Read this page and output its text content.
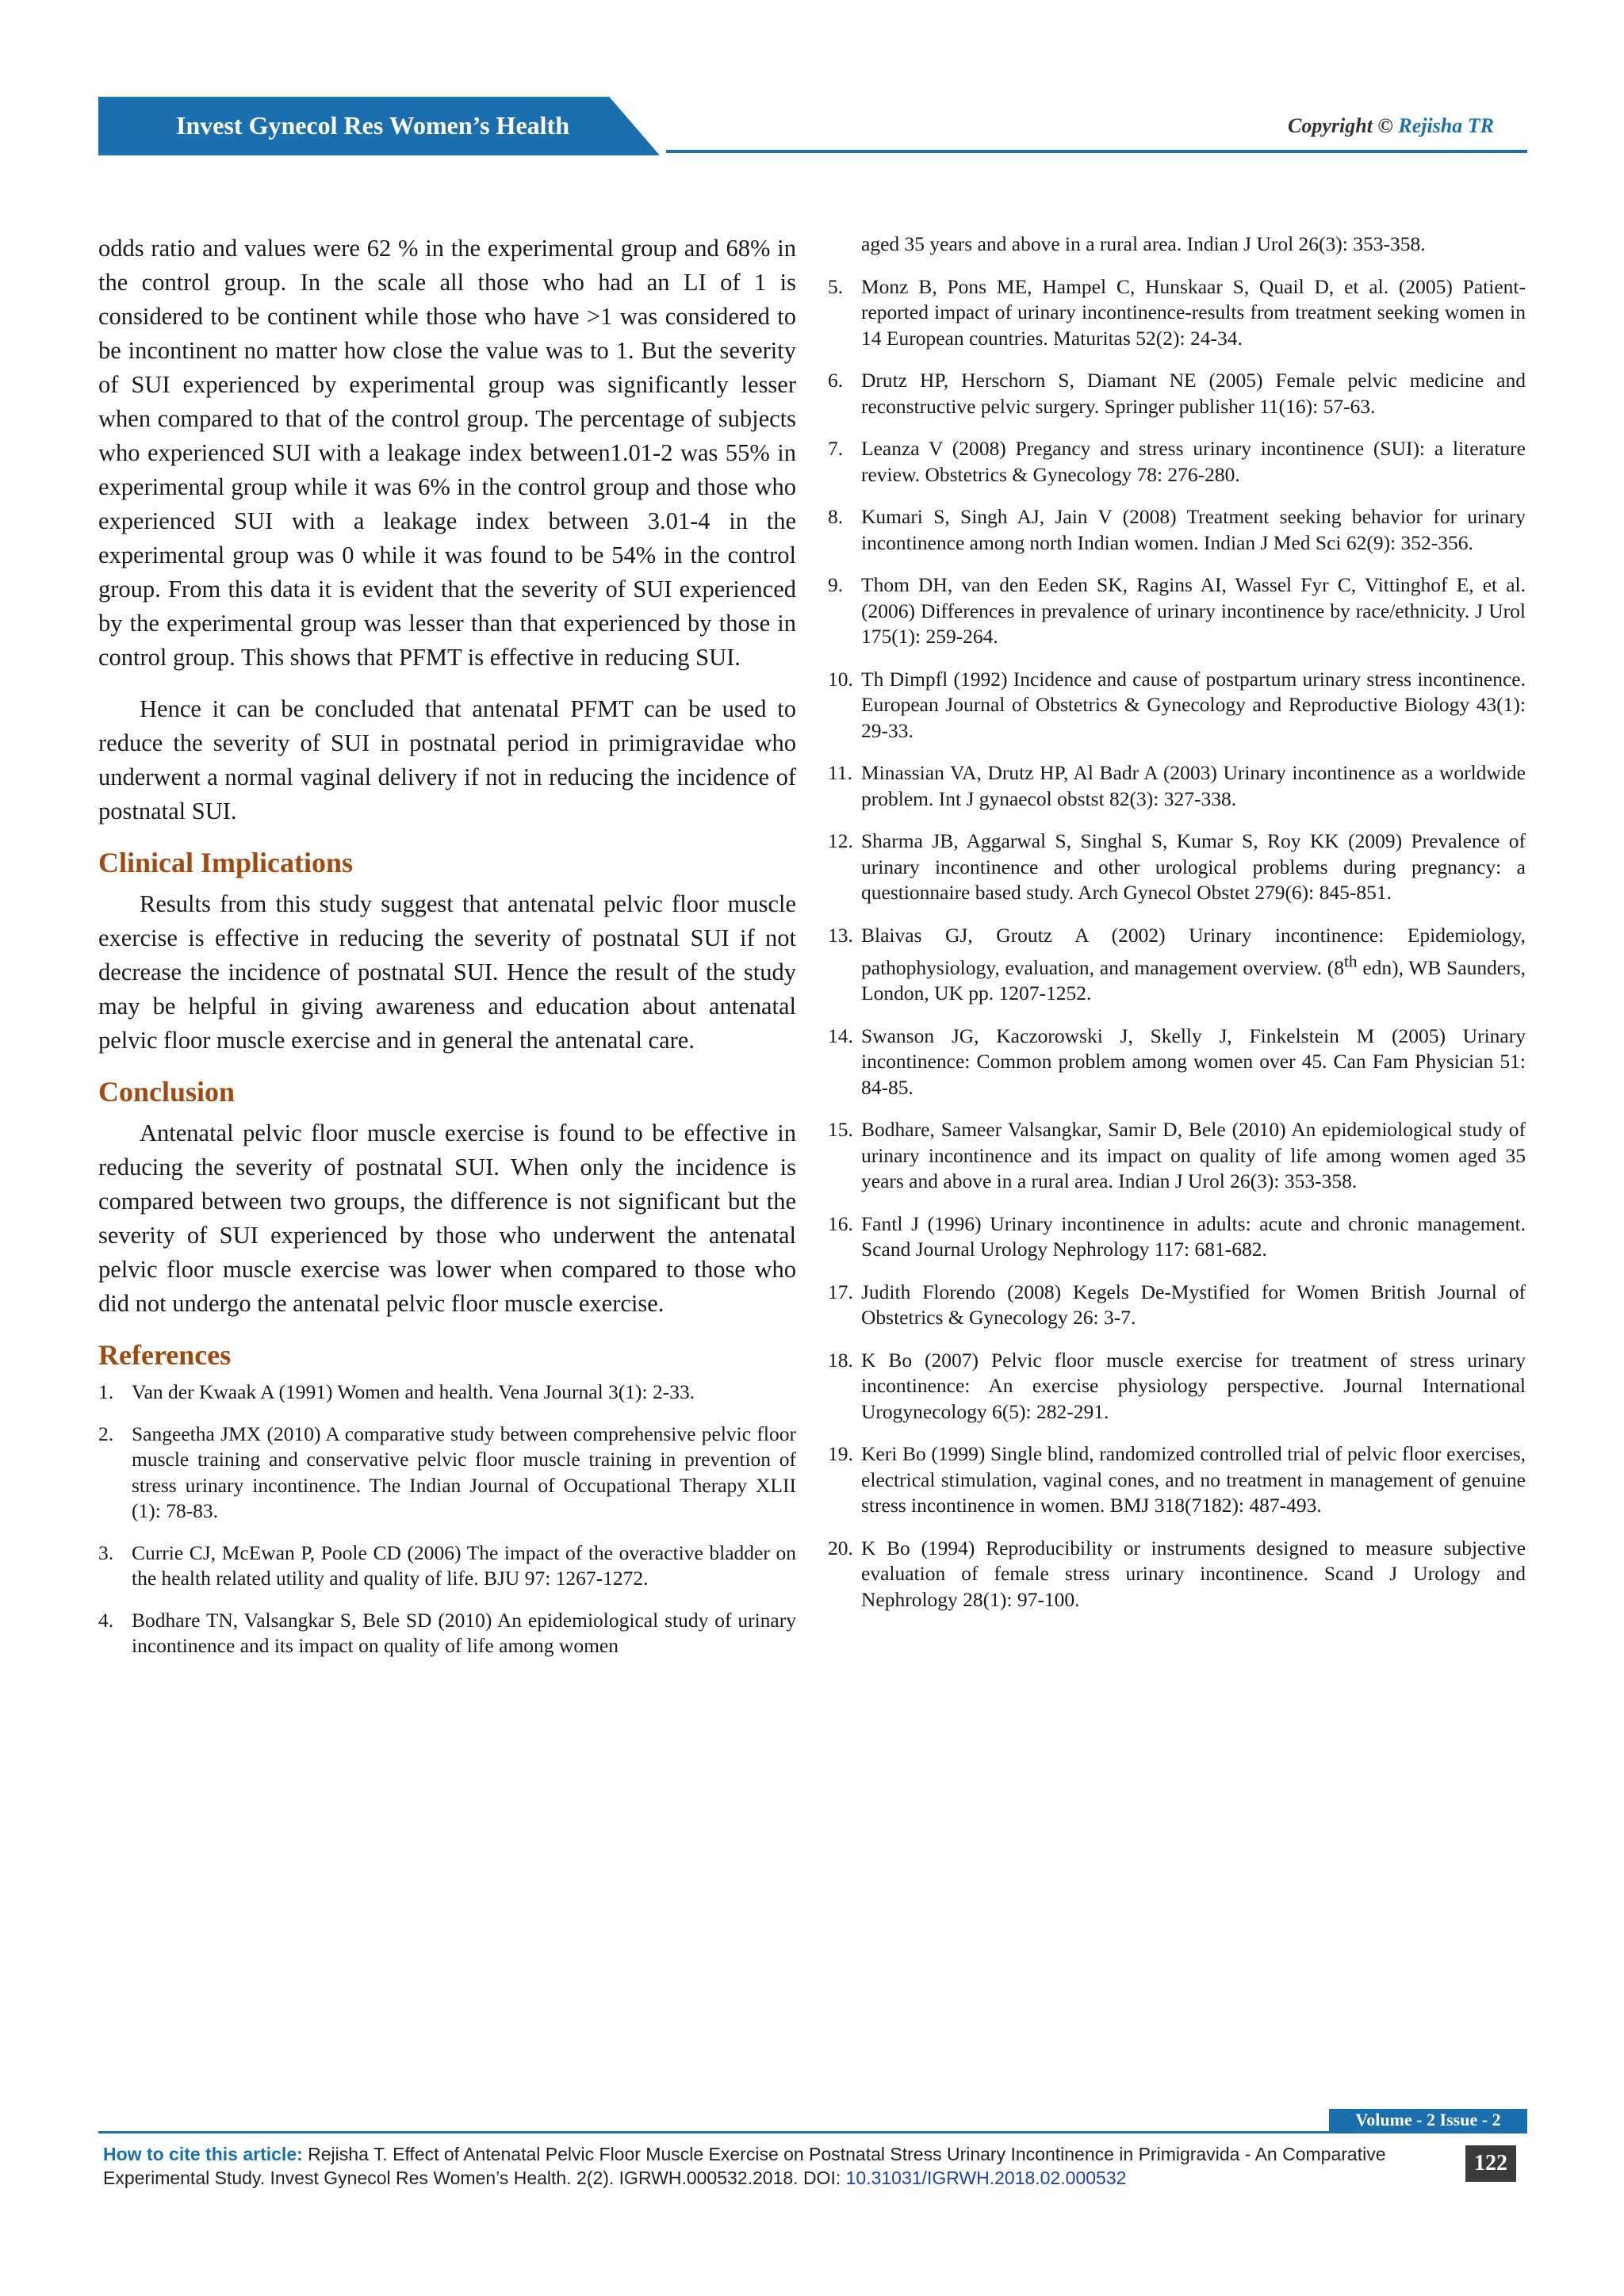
Invest Gynecol Res Women’s Health	Copyright © Rejisha TR

odds ratio and values were 62 % in the experimental group and 68% in the control group. In the scale all those who had an LI of 1 is considered to be continent while those who have >1 was considered to be incontinent no matter how close the value was to 1. But the severity of SUI experienced by experimental group was significantly lesser when compared to that of the control group. The percentage of subjects who experienced SUI with a leakage index between1.01-2 was 55% in experimental group while it was 6% in the control group and those who experienced SUI with a leakage index between 3.01-4 in the experimental group was 0 while it was found to be 54% in the control group. From this data it is evident that the severity of SUI experienced by the experimental group was lesser than that experienced by those in control group. This shows that PFMT is effective in reducing SUI.

Hence it can be concluded that antenatal PFMT can be used to reduce the severity of SUI in postnatal period in primigravidae who underwent a normal vaginal delivery if not in reducing the incidence of postnatal SUI.

Clinical Implications

Results from this study suggest that antenatal pelvic floor muscle exercise is effective in reducing the severity of postnatal SUI if not decrease the incidence of postnatal SUI. Hence the result of the study may be helpful in giving awareness and education about antenatal pelvic floor muscle exercise and in general the antenatal care.

Conclusion

Antenatal pelvic floor muscle exercise is found to be effective in reducing the severity of postnatal SUI. When only the incidence is compared between two groups, the difference is not significant but the severity of SUI experienced by those who underwent the antenatal pelvic floor muscle exercise was lower when compared to those who did not undergo the antenatal pelvic floor muscle exercise.

References
1. Van der Kwaak A (1991) Women and health. Vena Journal 3(1): 2-33.
2. Sangeetha JMX (2010) A comparative study between comprehensive pelvic floor muscle training and conservative pelvic floor muscle training in prevention of stress urinary incontinence. The Indian Journal of Occupational Therapy XLII (1): 78-83.
3. Currie CJ, McEwan P, Poole CD (2006) The impact of the overactive bladder on the health related utility and quality of life. BJU 97: 1267-1272.
4. Bodhare TN, Valsangkar S, Bele SD (2010) An epidemiological study of urinary incontinence and its impact on quality of life among women
aged 35 years and above in a rural area. Indian J Urol 26(3): 353-358.
5. Monz B, Pons ME, Hampel C, Hunskaar S, Quail D, et al. (2005) Patient-reported impact of urinary incontinence-results from treatment seeking women in 14 European countries. Maturitas 52(2): 24-34.
6. Drutz HP, Herschorn S, Diamant NE (2005) Female pelvic medicine and reconstructive pelvic surgery. Springer publisher 11(16): 57-63.
7. Leanza V (2008) Pregancy and stress urinary incontinence (SUI): a literature review. Obstetrics & Gynecology 78: 276-280.
8. Kumari S, Singh AJ, Jain V (2008) Treatment seeking behavior for urinary incontinence among north Indian women. Indian J Med Sci 62(9): 352-356.
9. Thom DH, van den Eeden SK, Ragins AI, Wassel Fyr C, Vittinghof E, et al. (2006) Differences in prevalence of urinary incontinence by race/ethnicity. J Urol 175(1): 259-264.
10. Th Dimpfl (1992) Incidence and cause of postpartum urinary stress incontinence. European Journal of Obstetrics & Gynecology and Reproductive Biology 43(1): 29-33.
11. Minassian VA, Drutz HP, Al Badr A (2003) Urinary incontinence as a worldwide problem. Int J gynaecol obstst 82(3): 327-338.
12. Sharma JB, Aggarwal S, Singhal S, Kumar S, Roy KK (2009) Prevalence of urinary incontinence and other urological problems during pregnancy: a questionnaire based study. Arch Gynecol Obstet 279(6): 845-851.
13. Blaivas GJ, Groutz A (2002) Urinary incontinence: Epidemiology, pathophysiology, evaluation, and management overview. (8th edn), WB Saunders, London, UK pp. 1207-1252.
14. Swanson JG, Kaczorowski J, Skelly J, Finkelstein M (2005) Urinary incontinence: Common problem among women over 45. Can Fam Physician 51: 84-85.
15. Bodhare, Sameer Valsangkar, Samir D, Bele (2010) An epidemiological study of urinary incontinence and its impact on quality of life among women aged 35 years and above in a rural area. Indian J Urol 26(3): 353-358.
16. Fantl J (1996) Urinary incontinence in adults: acute and chronic management. Scand Journal Urology Nephrology 117: 681-682.
17. Judith Florendo (2008) Kegels De-Mystified for Women British Journal of Obstetrics & Gynecology 26: 3-7.
18. K Bo (2007) Pelvic floor muscle exercise for treatment of stress urinary incontinence: An exercise physiology perspective. Journal International Urogynecology 6(5): 282-291.
19. Keri Bo (1999) Single blind, randomized controlled trial of pelvic floor exercises, electrical stimulation, vaginal cones, and no treatment in management of genuine stress incontinence in women. BMJ 318(7182): 487-493.
20. K Bo (1994) Reproducibility or instruments designed to measure subjective evaluation of female stress urinary incontinence. Scand J Urology and Nephrology 28(1): 97-100.
Volume - 2 Issue - 2
How to cite this article: Rejisha T. Effect of Antenatal Pelvic Floor Muscle Exercise on Postnatal Stress Urinary Incontinence in Primigravida - An Comparative Experimental Study. Invest Gynecol Res Women’s Health. 2(2). IGRWH.000532.2018. DOI: 10.31031/IGRWH.2018.02.000532
122
